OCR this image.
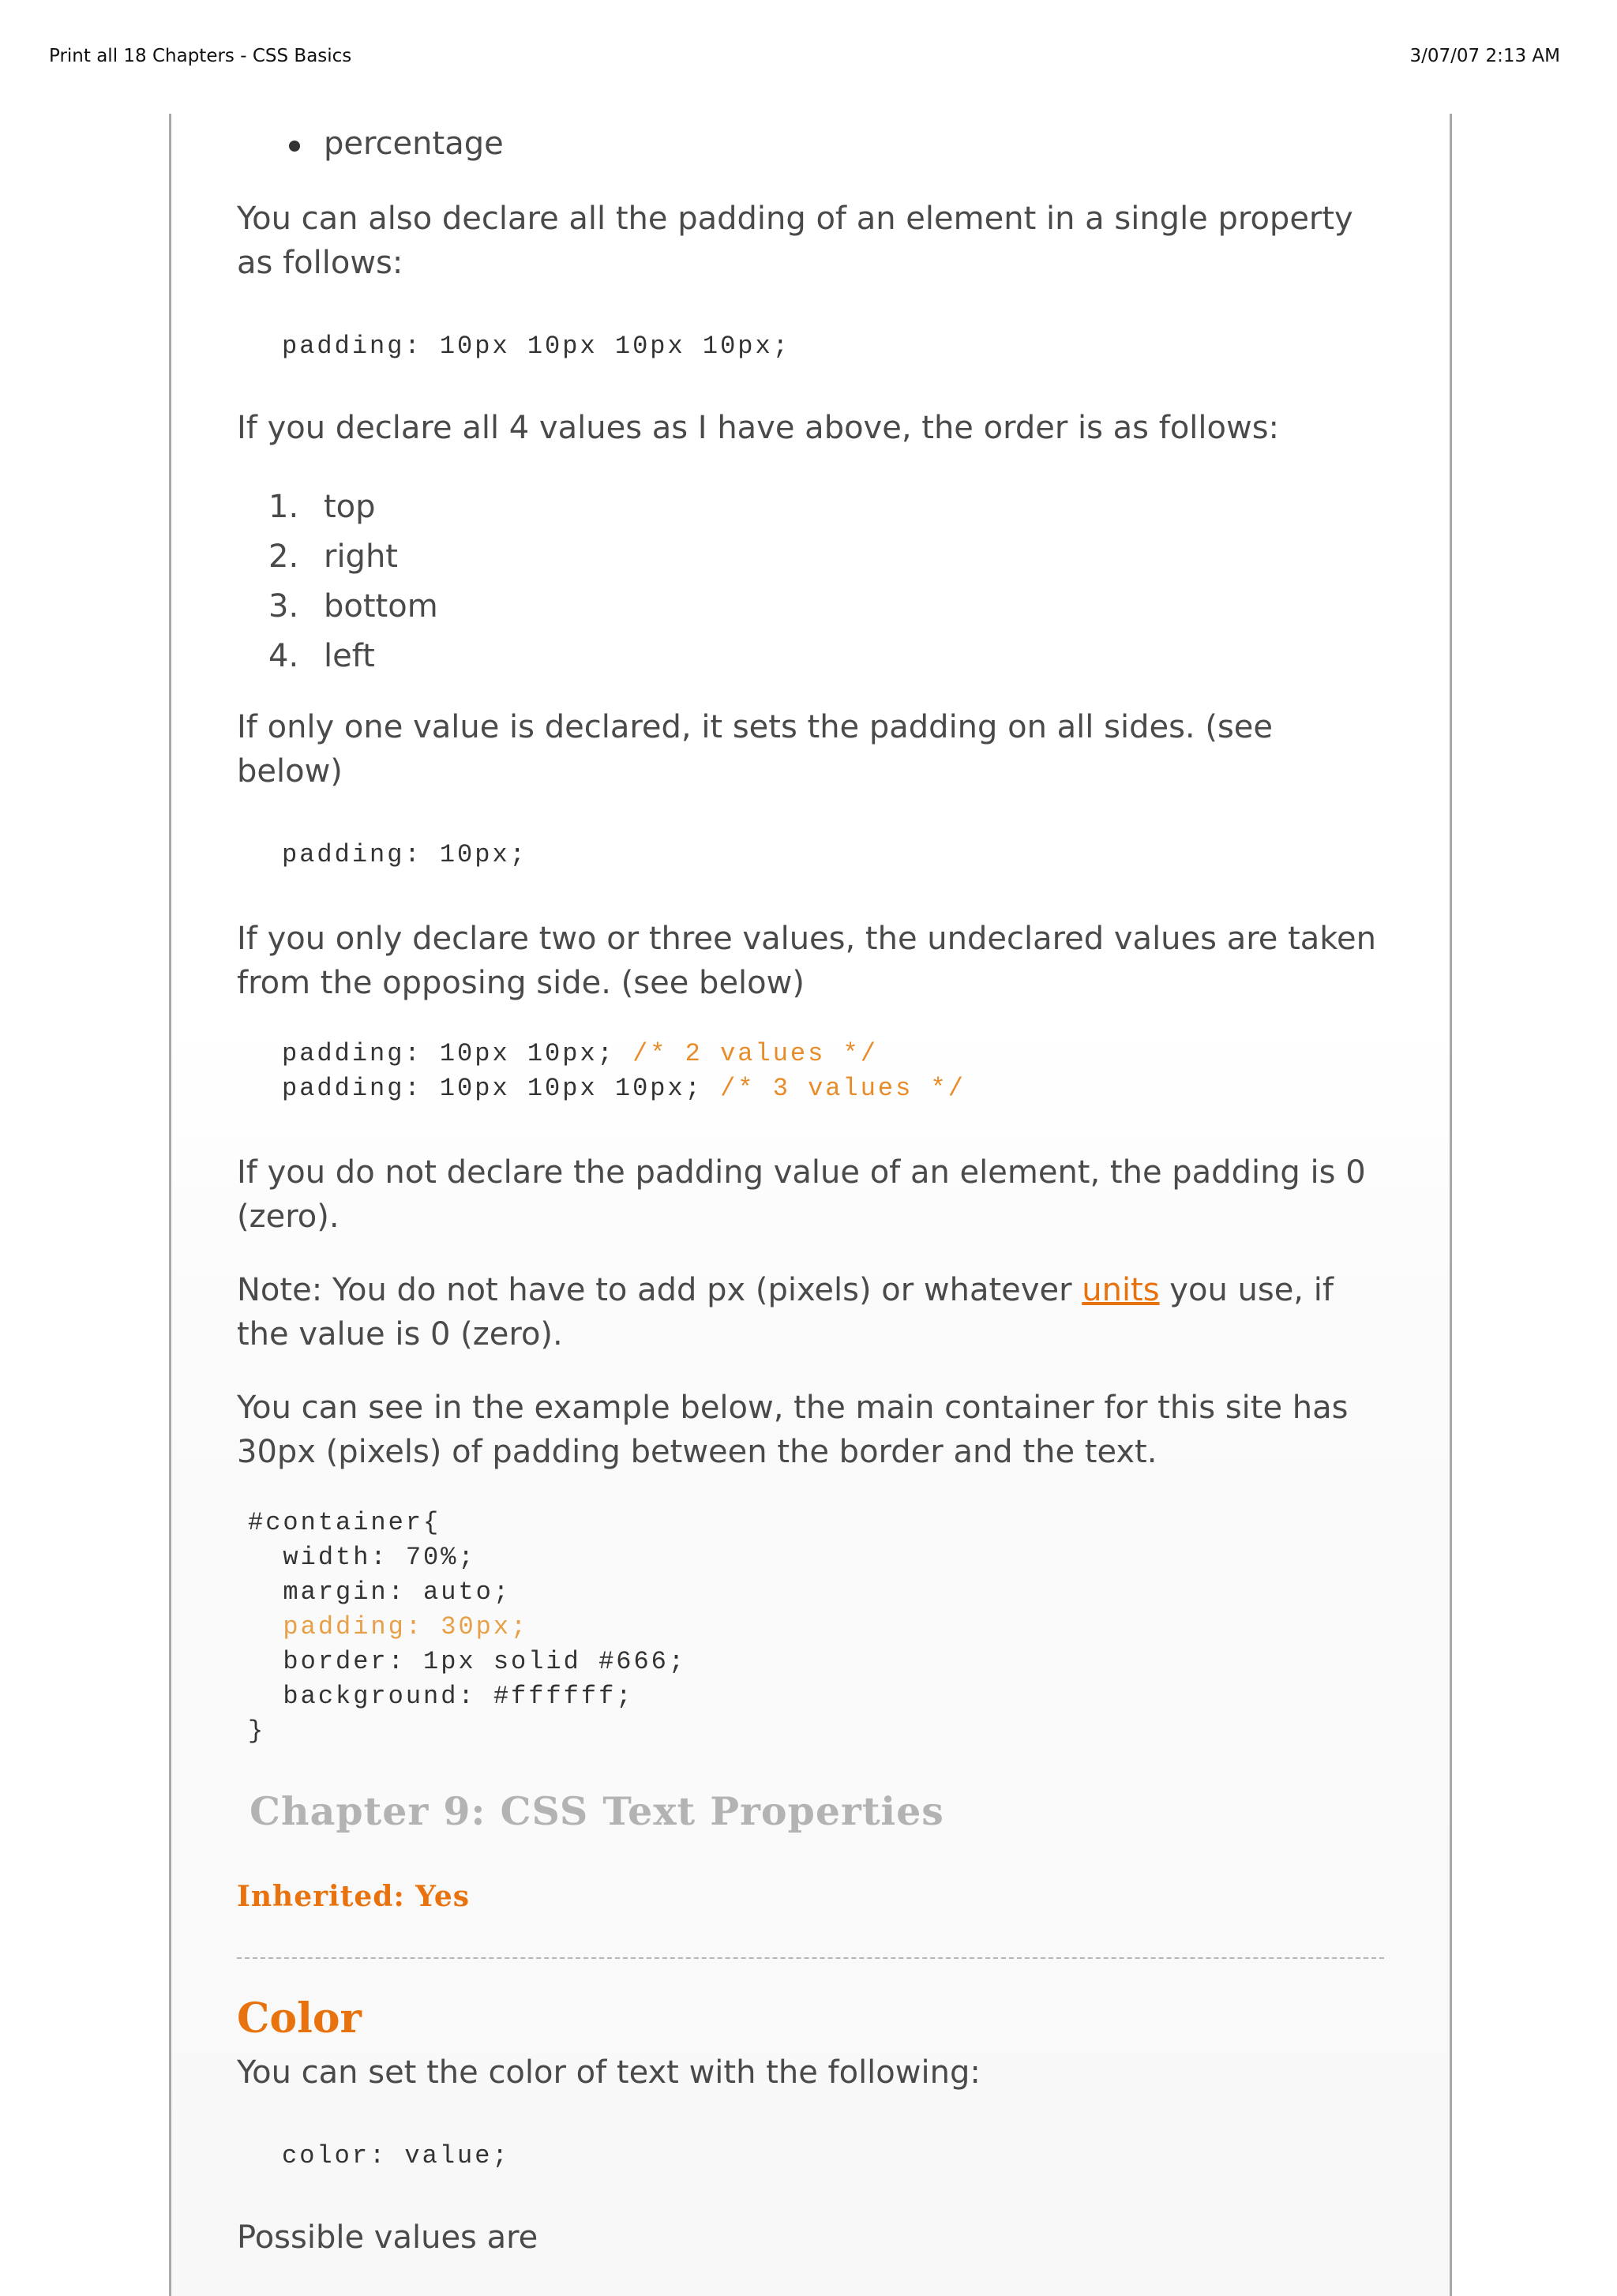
Print all 18 Chapters - CSS Basics	3/07/07 2:13 AM
percentage

You can also declare all the padding of an element in a single property as follows:

padding: 10px 10px 10px 10px;

If you declare all 4 values as I have above, the order is as follows:

1. top
2. right
3. bottom
4. left

If only one value is declared, it sets the padding on all sides. (see below)

padding: 10px;

If you only declare two or three values, the undeclared values are taken from the opposing side. (see below)

padding: 10px 10px; /* 2 values */
padding: 10px 10px 10px; /* 3 values */

If you do not declare the padding value of an element, the padding is 0 (zero).

Note: You do not have to add px (pixels) or whatever units you use, if the value is 0 (zero).

You can see in the example below, the main container for this site has 30px (pixels) of padding between the border and the text.

#container{
width: 70%;
margin: auto;
padding: 30px;
border: 1px solid #666;
background: #ffffff;
}
Chapter 9: CSS Text Properties
Inherited: Yes
Color

You can set the color of text with the following:

color: value;

Possible values are
